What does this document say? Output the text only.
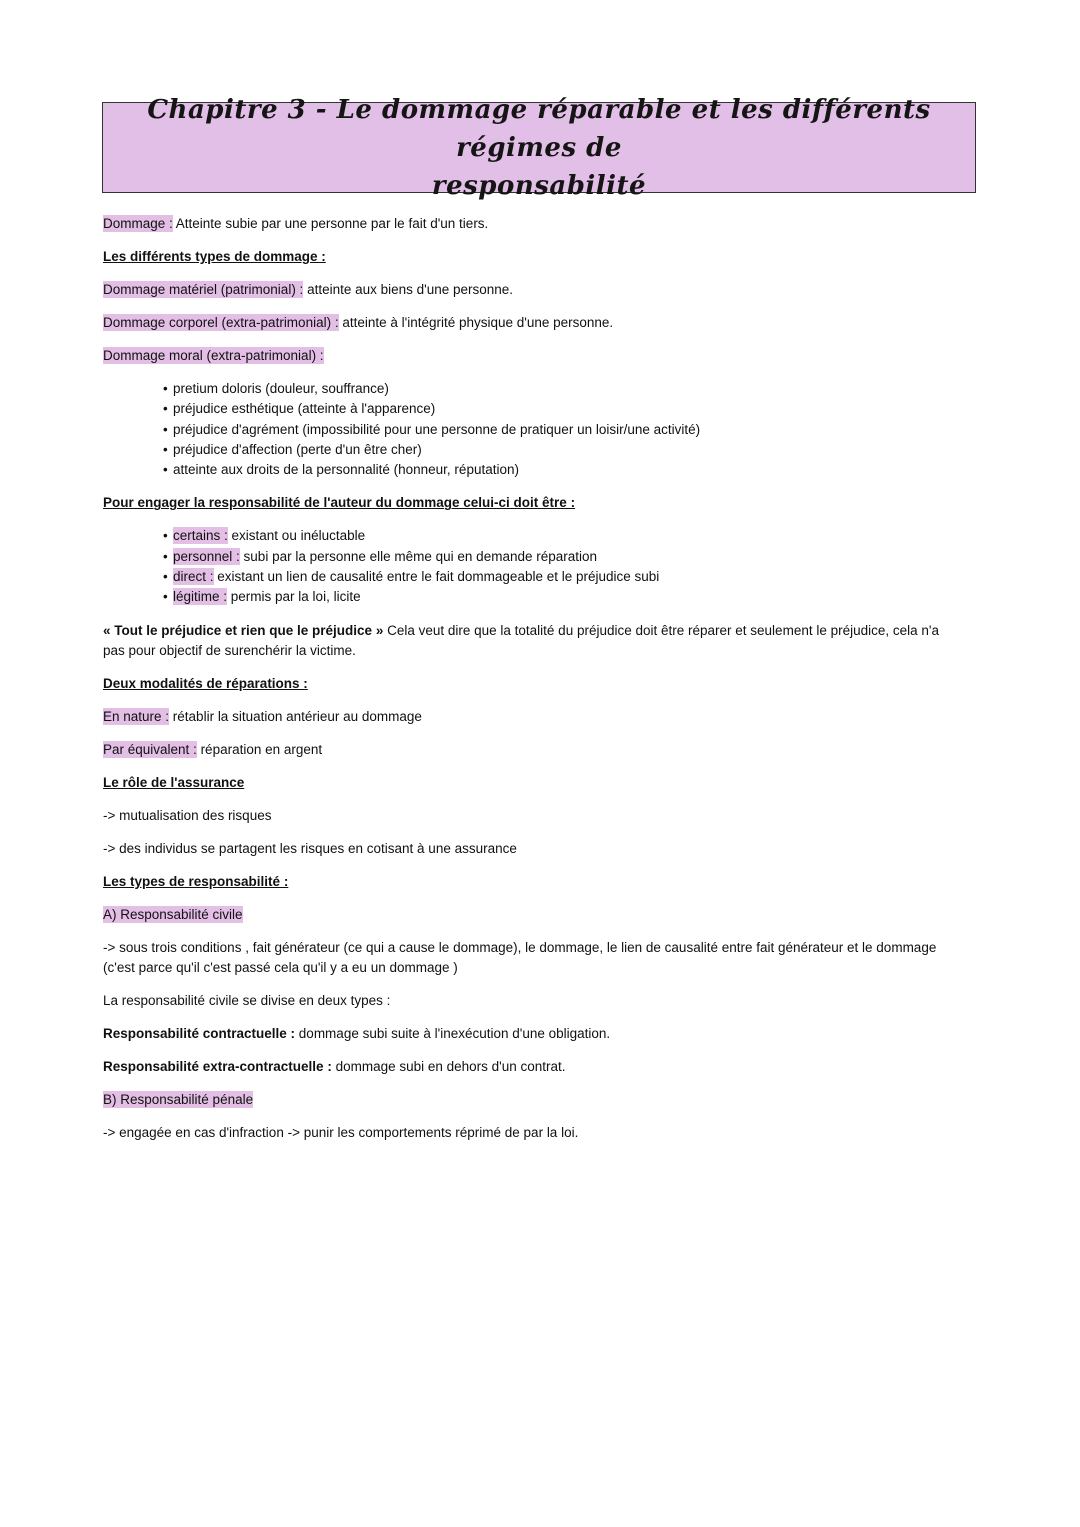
Chapitre 3 - Le dommage réparable et les différents régimes de
responsabilité

Dommage : Atteinte subie par une personne par le fait d'un tiers.

Les différents types de dommage :

Dommage matériel (patrimonial) : atteinte aux biens d'une personne.

Dommage corporel (extra-patrimonial) : atteinte à l'intégrité physique d'une personne.

Dommage moral (extra-patrimonial) :

• pretium doloris (douleur, souffrance)
• préjudice esthétique (atteinte à l'apparence)
• préjudice d'agrément (impossibilité pour une personne de pratiquer un loisir/une activité)
• préjudice d'affection (perte d'un être cher)
• atteinte aux droits de la personnalité (honneur, réputation)

Pour engager la responsabilité de l'auteur du dommage celui-ci doit être :

• certains : existant ou inéluctable
• personnel : subi par la personne elle même qui en demande réparation
• direct : existant un lien de causalité entre le fait dommageable et le préjudice subi
• légitime : permis par la loi, licite

« Tout le préjudice et rien que le préjudice » Cela veut dire que la totalité du préjudice doit être réparer et seulement le préjudice, cela n'a pas pour objectif de surenchérir la victime.

Deux modalités de réparations :

En nature : rétablir la situation antérieur au dommage

Par équivalent : réparation en argent

Le rôle de l'assurance

-> mutualisation des risques

-> des individus se partagent les risques en cotisant à une assurance

Les types de responsabilité :

A) Responsabilité civile

-> sous trois conditions , fait générateur (ce qui a cause le dommage), le dommage, le lien de causalité entre fait générateur et le dommage (c'est parce qu'il c'est passé cela qu'il y a eu un dommage )

La responsabilité civile se divise en deux types :

Responsabilité contractuelle : dommage subi suite à l'inexécution d'une obligation.

Responsabilité extra-contractuelle : dommage subi en dehors d'un contrat.

B) Responsabilité pénale

-> engagée en cas d'infraction -> punir les comportements réprimé de par la loi.
